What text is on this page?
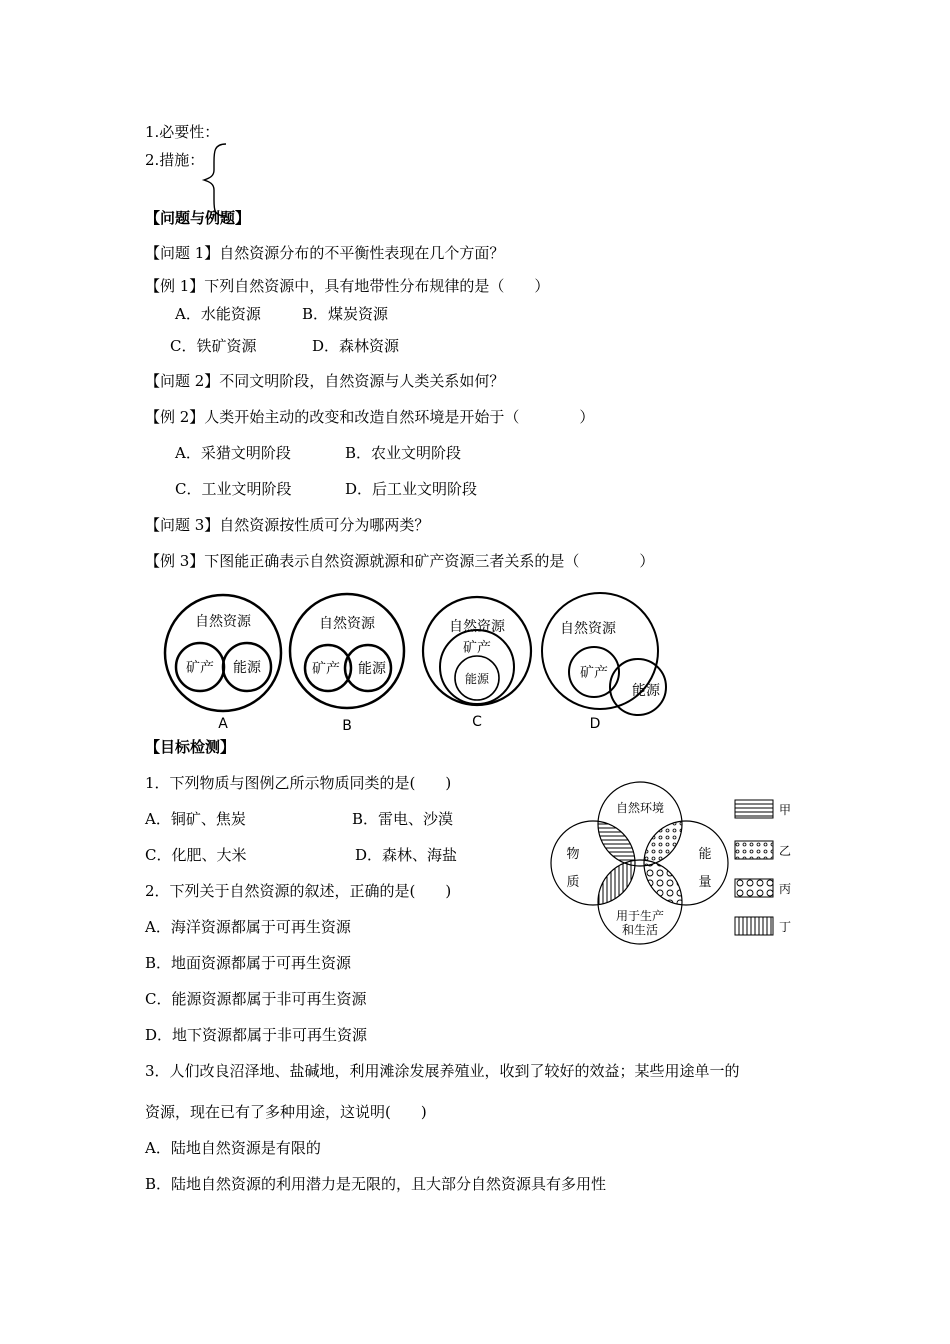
1.必要性：
2.措施：
【问题与例题】
【问题 1】自然资源分布的不平衡性表现在几个方面？
【例 1】下列自然资源中，具有地带性分布规律的是（　　）
A．水能资源	B．煤炭资源
C．铁矿资源	D．森林资源
【问题 2】不同文明阶段，自然资源与人类关系如何？
【例 2】人类开始主动的改变和改造自然环境是开始于（　　　　）
A．采猎文明阶段	B．农业文明阶段
C．工业文明阶段	D．后工业文明阶段
【问题 3】自然资源按性质可分为哪两类？
【例 3】下图能正确表示自然资源就源和矿产资源三者关系的是（　　　　）
自然资源
矿产 能源
A
自然资源
矿产 能源
B
自然资源
矿产
能源
C
自然资源
矿产
能源
D
【目标检测】
1．下列物质与图例乙所示物质同类的是(　　)
A．铜矿、焦炭	B．雷电、沙漠
C．化肥、大米	D．森林、海盐
2．下列关于自然资源的叙述，正确的是(　　)
A．海洋资源都属于可再生资源
B．地面资源都属于可再生资源
C．能源资源都属于非可再生资源
D．地下资源都属于非可再生资源
3．人们改良沼泽地、盐碱地，利用滩涂发展养殖业，收到了较好的效益；某些用途单一的
资源，现在已有了多种用途，这说明(　　)
A．陆地自然资源是有限的
B．陆地自然资源的利用潜力是无限的，且大部分自然资源具有多用性
自然环境
物
质
能
量
用于生产
和生活
甲
乙
丙
丁
